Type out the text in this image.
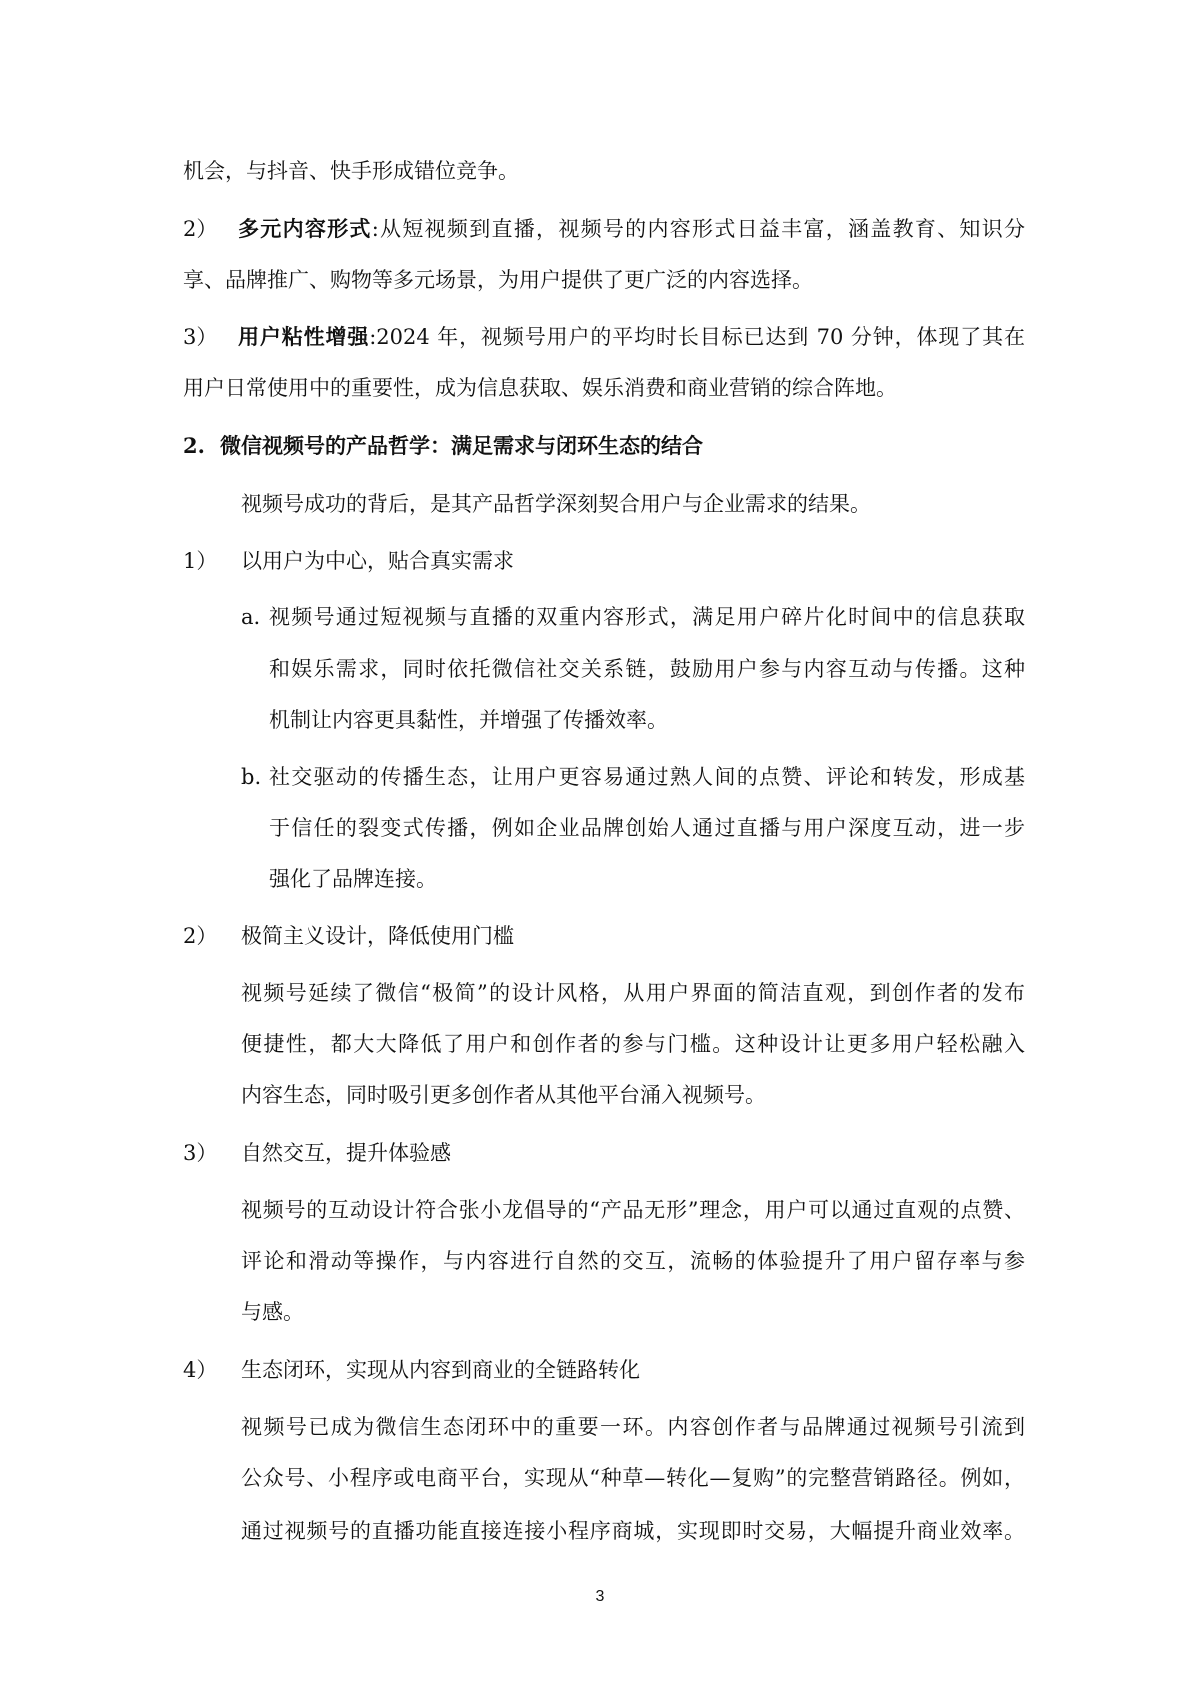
机会，与抖音、快手形成错位竞争。
2） 多元内容形式:从短视频到直播，视频号的内容形式日益丰富，涵盖教育、知识分
享、品牌推广、购物等多元场景，为用户提供了更广泛的内容选择。
3） 用户粘性增强:2024 年，视频号用户的平均时长目标已达到 70 分钟，体现了其在
用户日常使用中的重要性，成为信息获取、娱乐消费和商业营销的综合阵地。
2. 微信视频号的产品哲学：满足需求与闭环生态的结合
视频号成功的背后，是其产品哲学深刻契合用户与企业需求的结果。
1） 以用户为中心，贴合真实需求
a. 视频号通过短视频与直播的双重内容形式，满足用户碎片化时间中的信息获取
和娱乐需求，同时依托微信社交关系链，鼓励用户参与内容互动与传播。这种
机制让内容更具黏性，并增强了传播效率。
b. 社交驱动的传播生态，让用户更容易通过熟人间的点赞、评论和转发，形成基
于信任的裂变式传播，例如企业品牌创始人通过直播与用户深度互动，进一步
强化了品牌连接。
2） 极简主义设计，降低使用门槛
视频号延续了微信“极简”的设计风格，从用户界面的简洁直观，到创作者的发布
便捷性，都大大降低了用户和创作者的参与门槛。这种设计让更多用户轻松融入
内容生态，同时吸引更多创作者从其他平台涌入视频号。
3） 自然交互，提升体验感
视频号的互动设计符合张小龙倡导的“产品无形”理念，用户可以通过直观的点赞、
评论和滑动等操作，与内容进行自然的交互，流畅的体验提升了用户留存率与参
与感。
4） 生态闭环，实现从内容到商业的全链路转化
视频号已成为微信生态闭环中的重要一环。内容创作者与品牌通过视频号引流到
公众号、小程序或电商平台，实现从“种草—转化—复购”的完整营销路径。例如，
通过视频号的直播功能直接连接小程序商城，实现即时交易，大幅提升商业效率。
3
